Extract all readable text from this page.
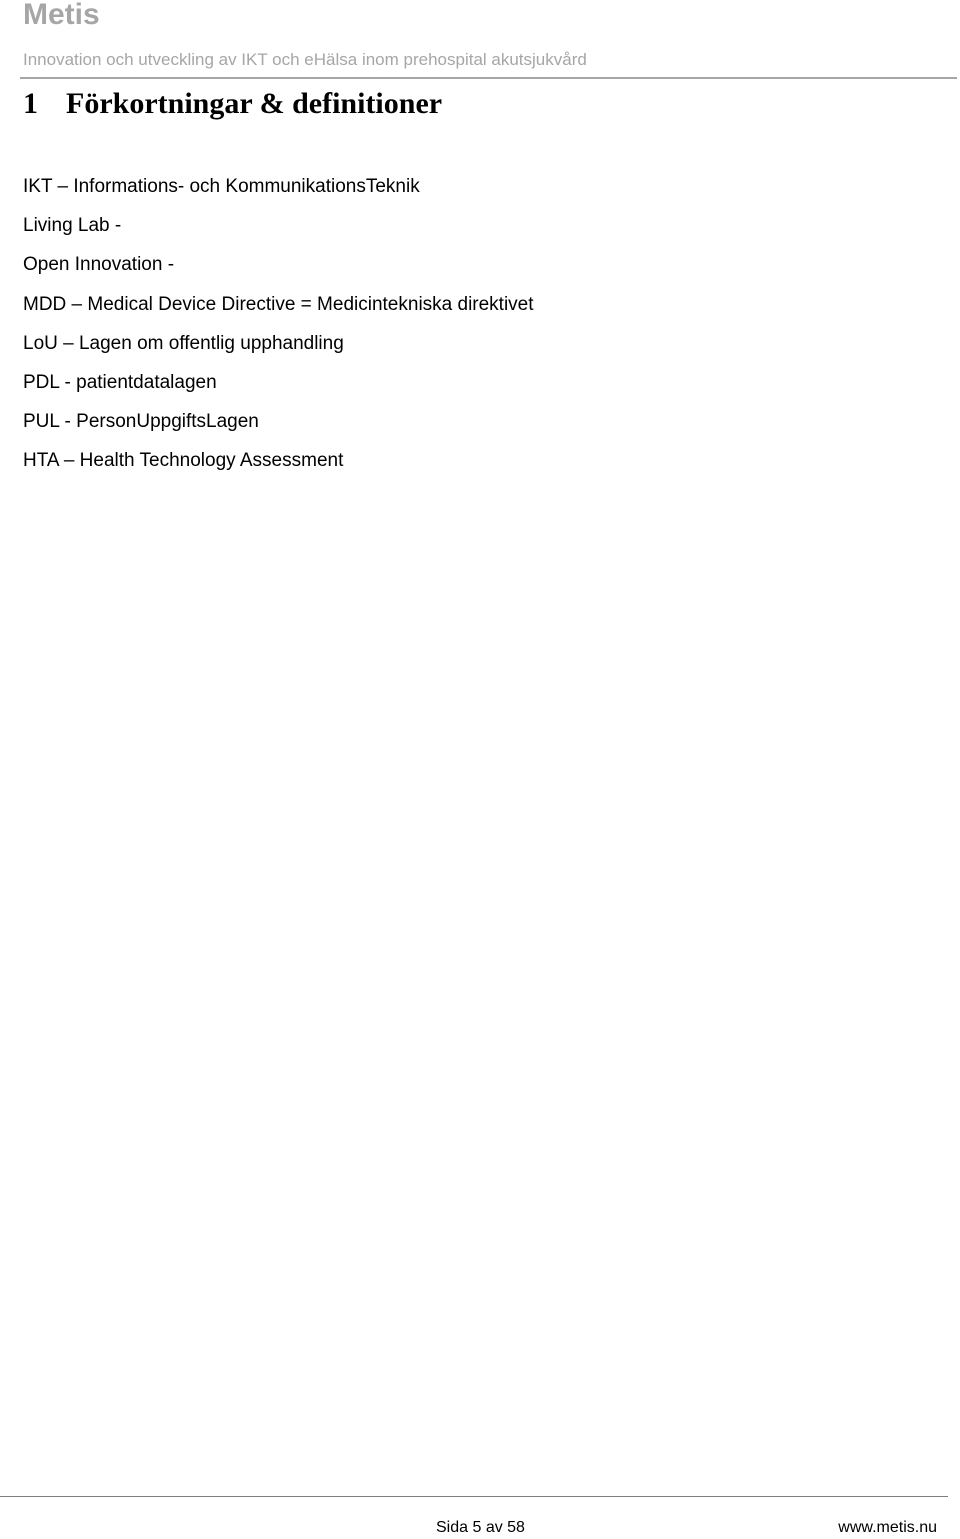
Metis
Innovation och utveckling av IKT och eHälsa inom prehospital akutsjukvård
1 Förkortningar & definitioner
IKT – Informations- och KommunikationsTeknik
Living Lab -
Open Innovation -
MDD – Medical Device Directive = Medicintekniska direktivet
LoU – Lagen om offentlig upphandling
PDL - patientdatalagen
PUL - PersonUppgiftsLagen
HTA – Health Technology Assessment
Sida 5 av 58	www.metis.nu
